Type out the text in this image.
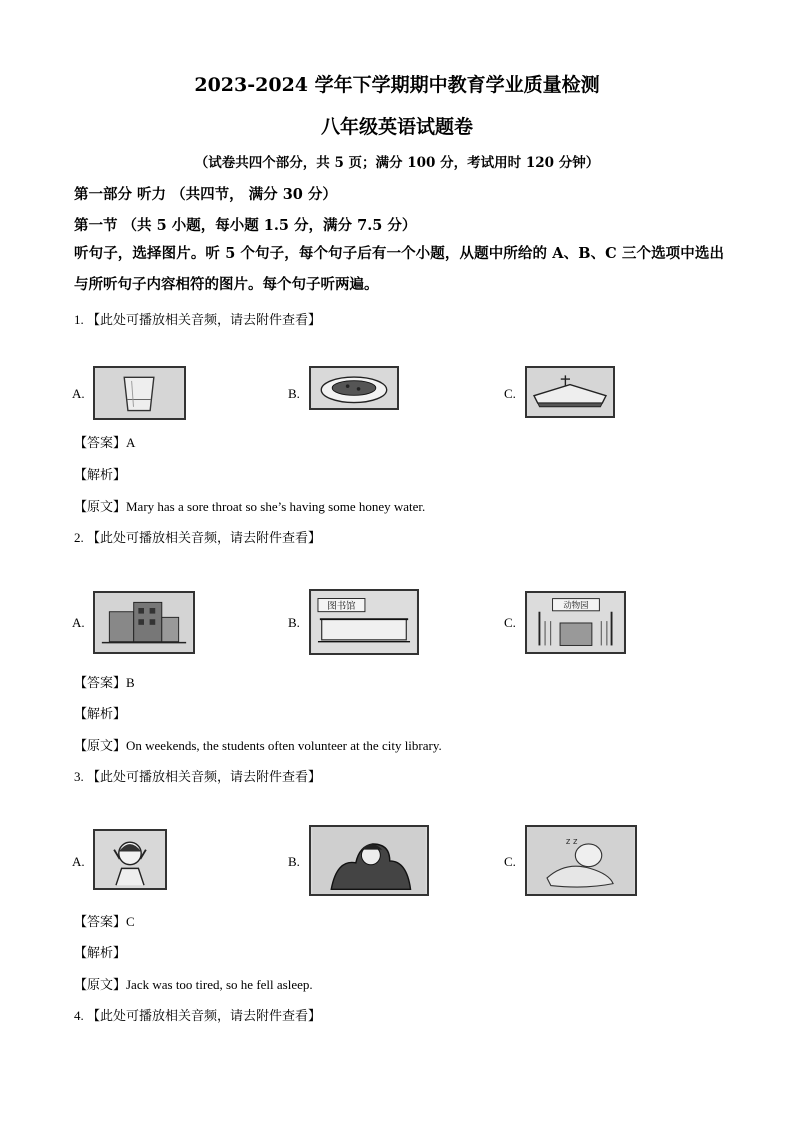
2023-2024 学年下学期期中教育学业质量检测
八年级英语试题卷
（试卷共四个部分，共 5 页；满分 100 分，考试用时 120 分钟）
第一部分 听力 （共四节， 满分 30 分）
第一节 （共 5 小题，每小题 1.5 分，满分 7.5 分）
听句子，选择图片。听 5 个句子，每个句子后有一个小题，从题中所给的 A、B、C 三个选项中选出与所听句子内容相符的图片。每个句子听两遍。
1. 【此处可播放相关音频，请去附件查看】
A.	B.	C.
【答案】A
【解析】
【原文】Mary has a sore throat so she’s having some honey water.
2. 【此处可播放相关音频，请去附件查看】
A.	B.
图书馆
C.
动物园
【答案】B
【解析】
【原文】On weekends, the students often volunteer at the city library.
3. 【此处可播放相关音频，请去附件查看】
A.	B.	C.
z z
【答案】C
【解析】
【原文】Jack was too tired, so he fell asleep.
4. 【此处可播放相关音频，请去附件查看】
